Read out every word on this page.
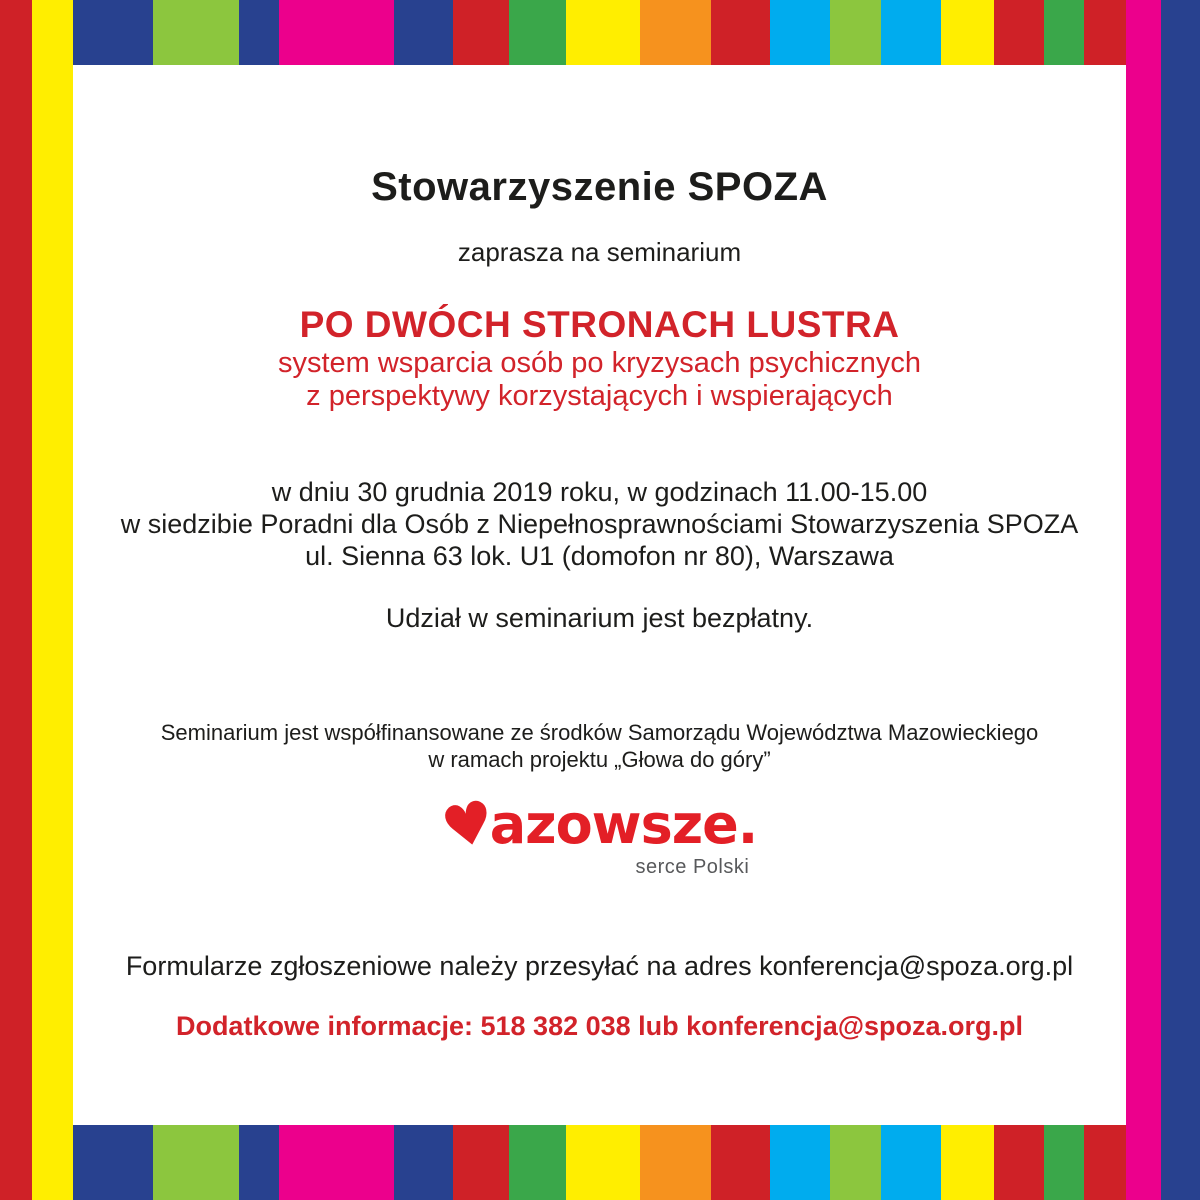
Stowarzyszenie SPOZA
zaprasza na seminarium
PO DWÓCH STRONACH LUSTRA
system wsparcia osób po kryzysach psychicznych
z perspektywy korzystających i wspierających
w dniu 30 grudnia 2019 roku, w godzinach 11.00-15.00
w siedzibie Poradni dla Osób z Niepełnosprawnościami Stowarzyszenia SPOZA
ul. Sienna 63 lok. U1 (domofon nr 80), Warszawa
Udział w seminarium jest bezpłatny.
Seminarium jest współfinansowane ze środków Samorządu Województwa Mazowieckiego
w ramach projektu „Głowa do góry”
♥
azowsze.
serce Polski
Formularze zgłoszeniowe należy przesyłać na adres konferencja@spoza.org.pl
Dodatkowe informacje: 518 382 038 lub konferencja@spoza.org.pl
